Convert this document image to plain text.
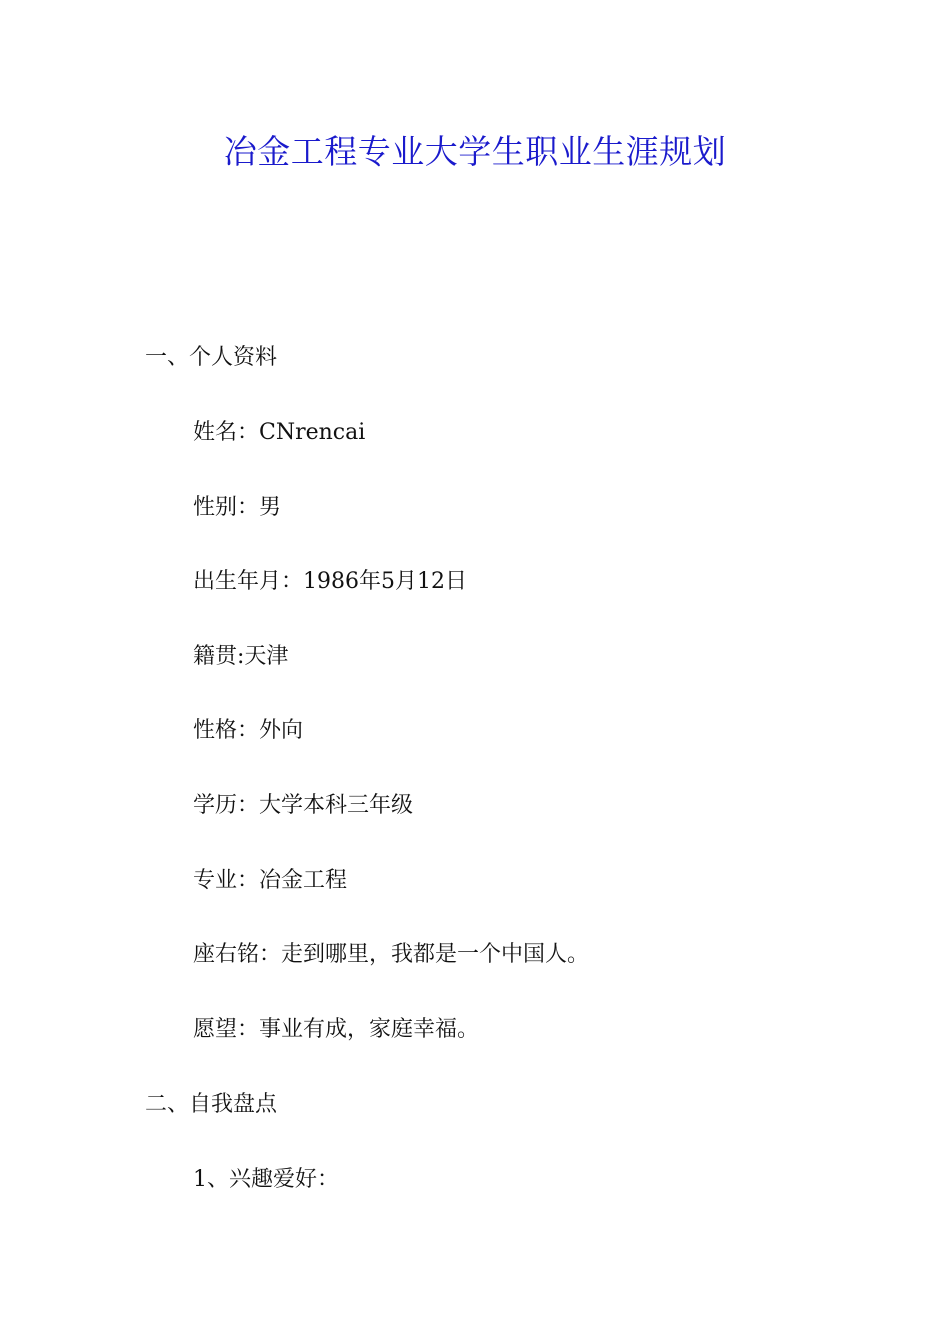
冶金工程专业大学生职业生涯规划
一、个人资料
姓名：CNrencai
性别：男
出生年月：1986年5月12日
籍贯:天津
性格：外向
学历：大学本科三年级
专业：冶金工程
座右铭：走到哪里，我都是一个中国人。
愿望：事业有成，家庭幸福。
二、自我盘点
1、兴趣爱好：
